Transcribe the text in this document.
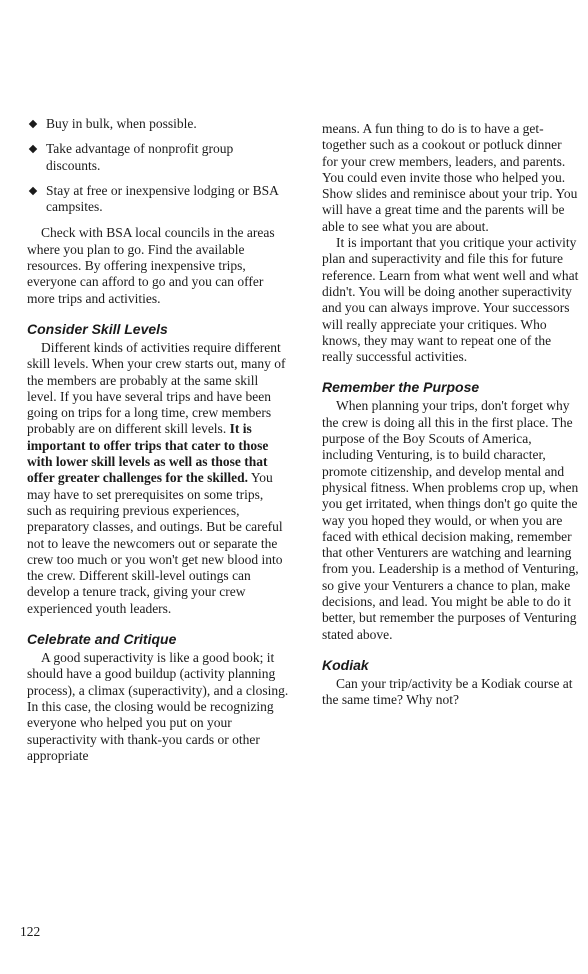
Buy in bulk, when possible.
Take advantage of nonprofit group discounts.
Stay at free or inexpensive lodging or BSA campsites.

Check with BSA local councils in the areas where you plan to go. Find the available resources. By offering inexpensive trips, everyone can afford to go and you can offer more trips and activities.

Consider Skill Levels

Different kinds of activities require different skill levels. When your crew starts out, many of the members are probably at the same skill level. If you have several trips and have been going on trips for a long time, crew members probably are on different skill levels. It is important to offer trips that cater to those with lower skill levels as well as those that offer greater challenges for the skilled. You may have to set prerequisites on some trips, such as requiring previous experiences, preparatory classes, and outings. But be careful not to leave the newcomers out or separate the crew too much or you won't get new blood into the crew. Different skill-level outings can develop a tenure track, giving your crew experienced youth leaders.

Celebrate and Critique

A good superactivity is like a good book; it should have a good buildup (activity planning process), a climax (superactivity), and a closing. In this case, the closing would be recognizing everyone who helped you put on your superactivity with thank-you cards or other appropriate

means. A fun thing to do is to have a get-together such as a cookout or potluck dinner for your crew members, leaders, and parents. You could even invite those who helped you. Show slides and reminisce about your trip. You will have a great time and the parents will be able to see what you are about.

It is important that you critique your activity plan and superactivity and file this for future reference. Learn from what went well and what didn't. You will be doing another superactivity and you can always improve. Your successors will really appreciate your critiques. Who knows, they may want to repeat one of the really successful activities.

Remember the Purpose

When planning your trips, don't forget why the crew is doing all this in the first place. The purpose of the Boy Scouts of America, including Venturing, is to build character, promote citizenship, and develop mental and physical fitness. When problems crop up, when you get irritated, when things don't go quite the way you hoped they would, or when you are faced with ethical decision making, remember that other Venturers are watching and learning from you. Leadership is a method of Venturing, so give your Venturers a chance to plan, make decisions, and lead. You might be able to do it better, but remember the purposes of Venturing stated above.

Kodiak

Can your trip/activity be a Kodiak course at the same time? Why not?

122
